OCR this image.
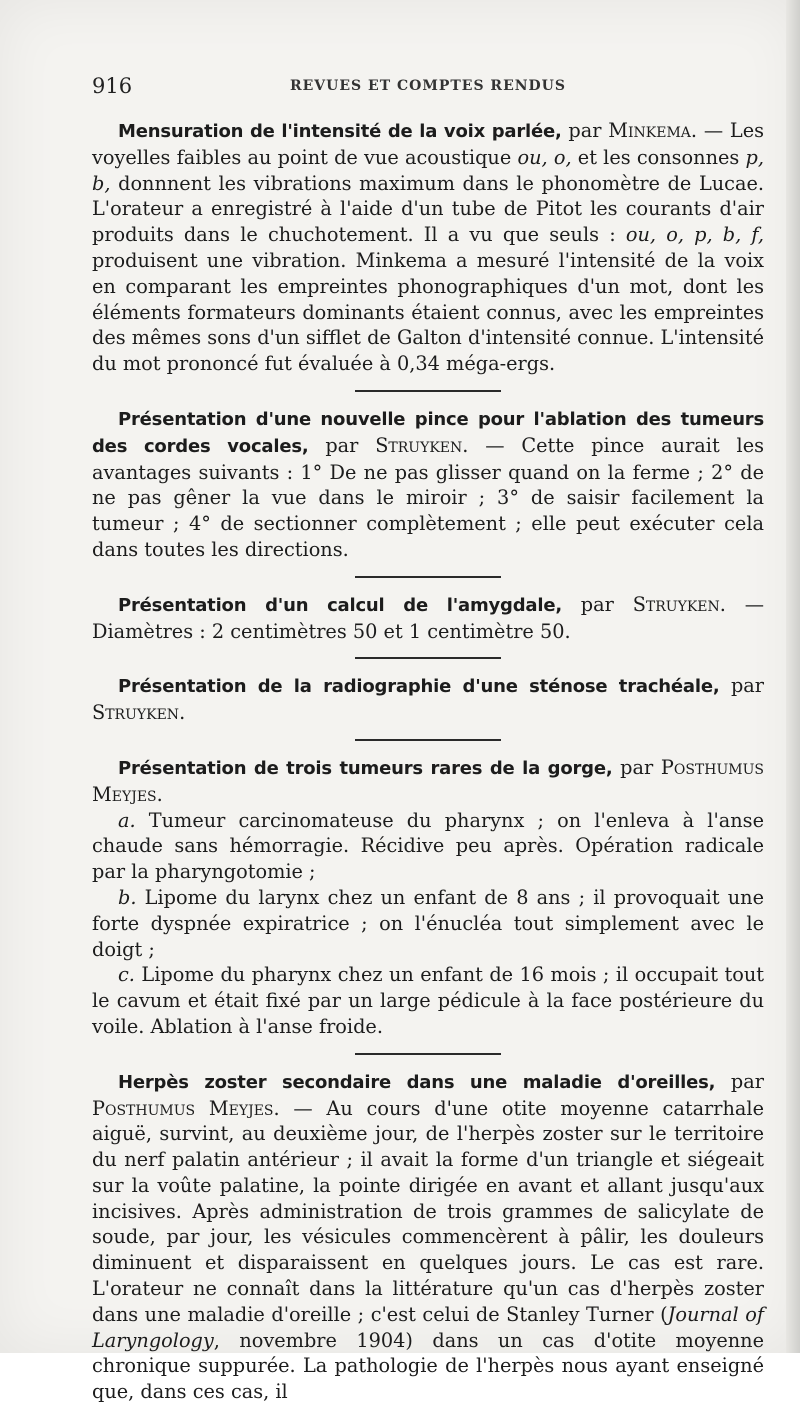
916	REVUES ET COMPTES RENDUS

Mensuration de l'intensité de la voix parlée, par Minkema. — Les voyelles faibles au point de vue acoustique ou, o, et les consonnes p, b, donnnent les vibrations maximum dans le phonomètre de Lucae. L'orateur a enregistré à l'aide d'un tube de Pitot les courants d'air produits dans le chuchotement. Il a vu que seuls : ou, o, p, b, f, produisent une vibration. Minkema a mesuré l'intensité de la voix en comparant les empreintes phonographiques d'un mot, dont les éléments formateurs dominants étaient connus, avec les empreintes des mêmes sons d'un sifflet de Galton d'intensité connue. L'intensité du mot prononcé fut évaluée à 0,34 méga-ergs.

Présentation d'une nouvelle pince pour l'ablation des tumeurs des cordes vocales, par Struyken. — Cette pince aurait les avantages suivants : 1° De ne pas glisser quand on la ferme ; 2° de ne pas gêner la vue dans le miroir ; 3° de saisir facilement la tumeur ; 4° de sectionner complètement ; elle peut exécuter cela dans toutes les directions.

Présentation d'un calcul de l'amygdale, par Struyken. — Diamètres : 2 centimètres 50 et 1 centimètre 50.

Présentation de la radiographie d'une sténose trachéale, par Struyken.

Présentation de trois tumeurs rares de la gorge, par Posthumus Meyjes.

a. Tumeur carcinomateuse du pharynx ; on l'enleva à l'anse chaude sans hémorragie. Récidive peu après. Opération radicale par la pharyngotomie ;

b. Lipome du larynx chez un enfant de 8 ans ; il provoquait une forte dyspnée expiratrice ; on l'énucléa tout simplement avec le doigt ;

c. Lipome du pharynx chez un enfant de 16 mois ; il occupait tout le cavum et était fixé par un large pédicule à la face postérieure du voile. Ablation à l'anse froide.

Herpès zoster secondaire dans une maladie d'oreilles, par Posthumus Meyjes. — Au cours d'une otite moyenne catarrhale aiguë, survint, au deuxième jour, de l'herpès zoster sur le territoire du nerf palatin antérieur ; il avait la forme d'un triangle et siégeait sur la voûte palatine, la pointe dirigée en avant et allant jusqu'aux incisives. Après administration de trois grammes de salicylate de soude, par jour, les vésicules commencèrent à pâlir, les douleurs diminuent et disparaissent en quelques jours. Le cas est rare. L'orateur ne connaît dans la littérature qu'un cas d'herpès zoster dans une maladie d'oreille ; c'est celui de Stanley Turner (Journal of Laryngology, novembre 1904) dans un cas d'otite moyenne chronique suppurée. La pathologie de l'herpès nous ayant enseigné que, dans ces cas, il
